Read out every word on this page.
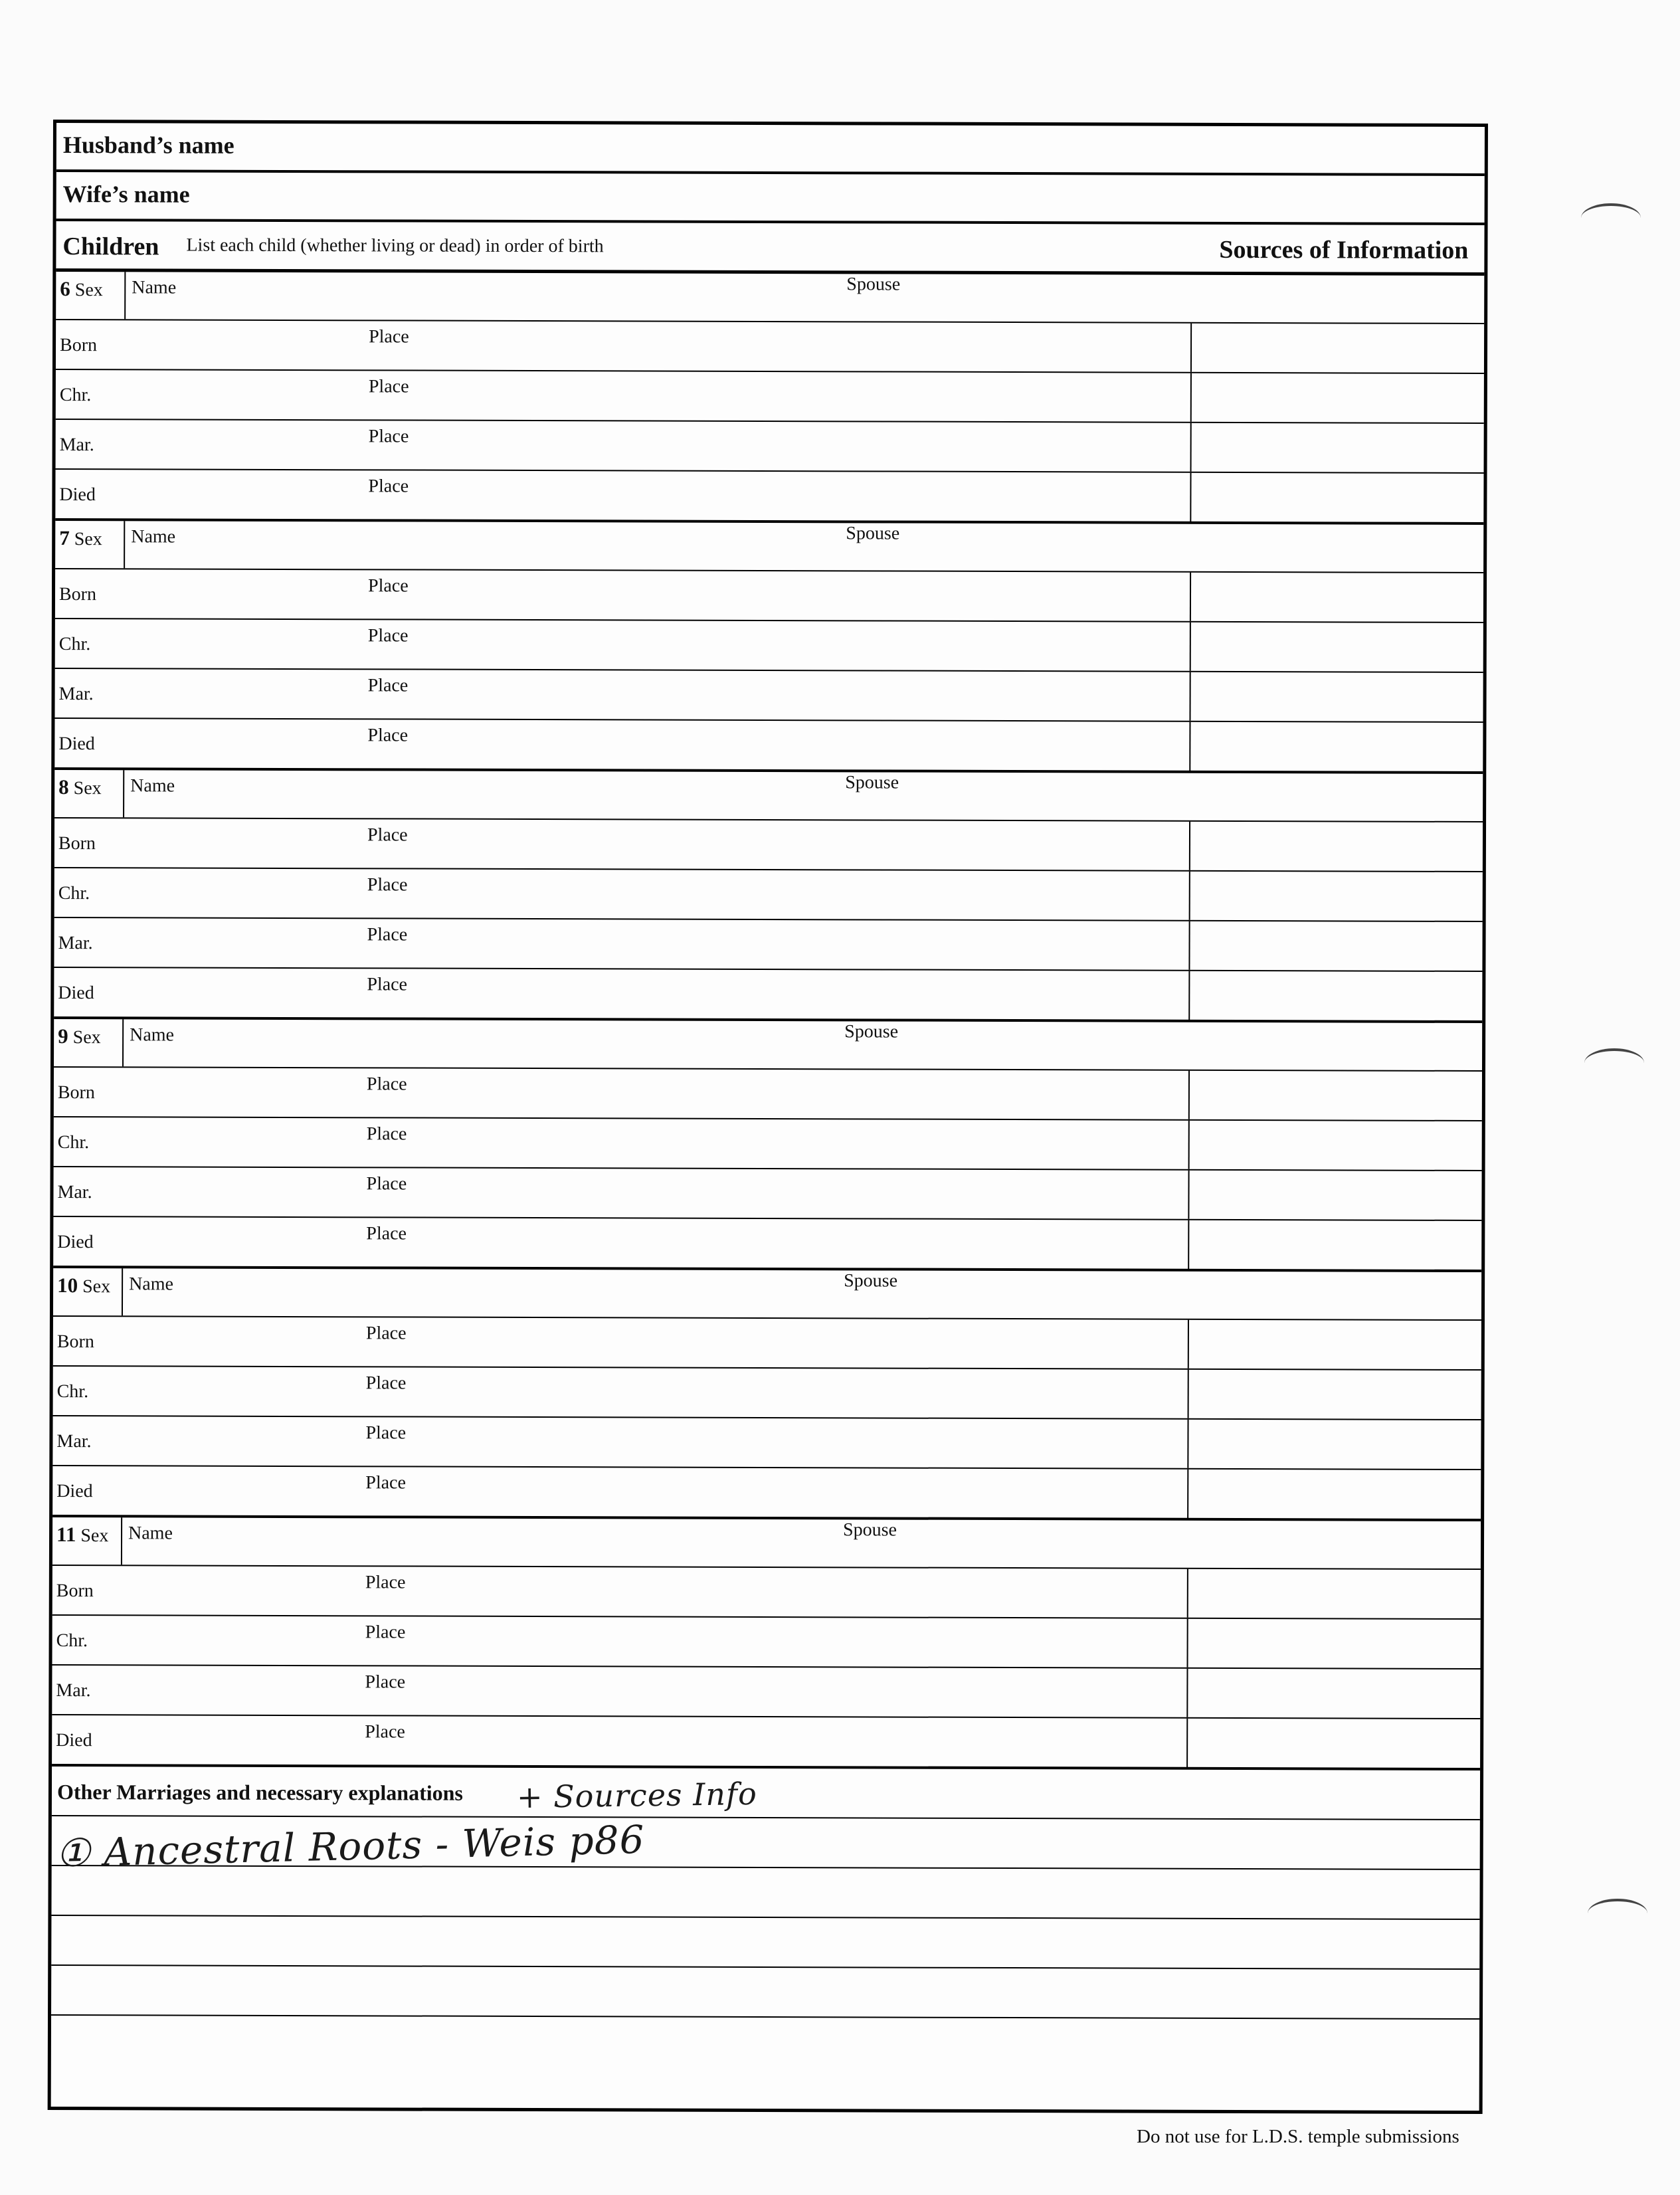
Husband’s name
Wife’s name
Children List each child (whether living or dead) in order of birth	Sources of Information
6 Sex Name	Spouse
Born	Place
Chr.	Place
Mar.	Place
Died	Place
7 Sex Name	Spouse
Born	Place
Chr.	Place
Mar.	Place
Died	Place
8 Sex Name	Spouse
Born	Place
Chr.	Place
Mar.	Place
Died	Place
9 Sex Name	Spouse
Born	Place
Chr.	Place
Mar.	Place
Died	Place
10 Sex Name	Spouse
Born	Place
Chr.	Place
Mar.	Place
Died	Place
11 Sex Name	Spouse
Born	Place
Chr.	Place
Mar.	Place
Died	Place
Other Marriages and necessary explanations + Sources Info
① Ancestral Roots - Weis p86
Do not use for L.D.S. temple submissions
